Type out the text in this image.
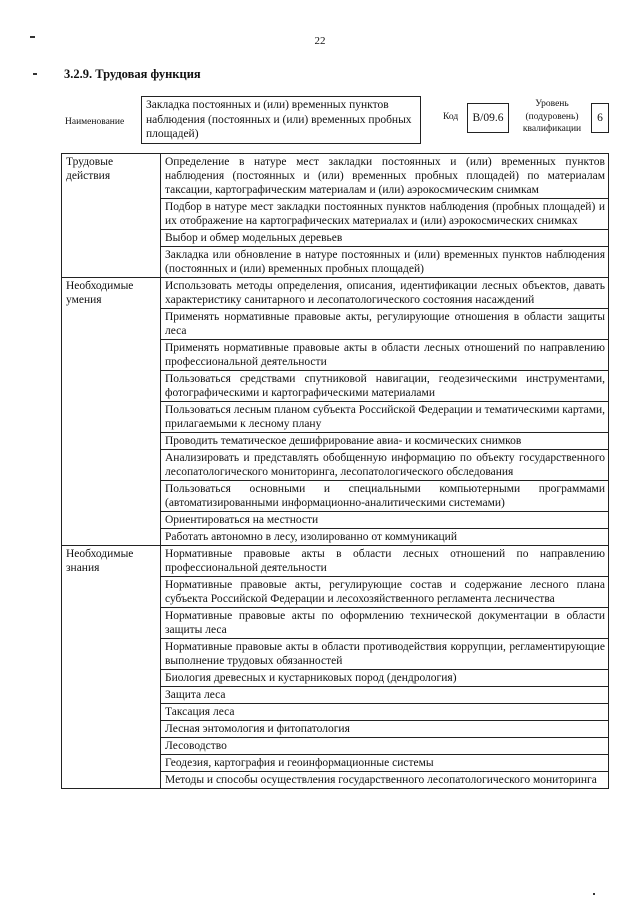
22
3.2.9. Трудовая функция
Наименование
Закладка постоянных и (или) временных пунктов наблюдения (постоянных и (или) временных пробных площадей)
Код	В/09.6
Уровень (подуровень) квалификации
6
Трудовые действия	Определение в натуре мест закладки постоянных и (или) временных пунктов наблюдения (постоянных и (или) временных пробных площадей) по материалам таксации, картографическим материалам и (или) аэрокосмическим снимкам
	Подбор в натуре мест закладки постоянных пунктов наблюдения (пробных площадей) и их отображение на картографических материалах и (или) аэрокосмических снимках
	Выбор и обмер модельных деревьев
	Закладка или обновление в натуре постоянных и (или) временных пунктов наблюдения (постоянных и (или) временных пробных площадей)
Необходимые умения	Использовать методы определения, описания, идентификации лесных объектов, давать характеристику санитарного и лесопатологического состояния насаждений
	Применять нормативные правовые акты, регулирующие отношения в области защиты леса
	Применять нормативные правовые акты в области лесных отношений по направлению профессиональной деятельности
	Пользоваться средствами спутниковой навигации, геодезическими инструментами, фотографическими и картографическими материалами
	Пользоваться лесным планом субъекта Российской Федерации и тематическими картами, прилагаемыми к лесному плану
	Проводить тематическое дешифрирование авиа- и космических снимков
	Анализировать и представлять обобщенную информацию по объекту государственного лесопатологического мониторинга, лесопатологического обследования
	Пользоваться основными и специальными компьютерными программами (автоматизированными информационно-аналитическими системами)
	Ориентироваться на местности
	Работать автономно в лесу, изолированно от коммуникаций
Необходимые знания	Нормативные правовые акты в области лесных отношений по направлению профессиональной деятельности
	Нормативные правовые акты, регулирующие состав и содержание лесного плана субъекта Российской Федерации и лесохозяйственного регламента лесничества
	Нормативные правовые акты по оформлению технической документации в области защиты леса
	Нормативные правовые акты в области противодействия коррупции, регламентирующие выполнение трудовых обязанностей
	Биология древесных и кустарниковых пород (дендрология)
	Защита леса
	Таксация леса
	Лесная энтомология и фитопатология
	Лесоводство
	Геодезия, картография и геоинформационные системы
	Методы и способы осуществления государственного лесопатологического мониторинга
